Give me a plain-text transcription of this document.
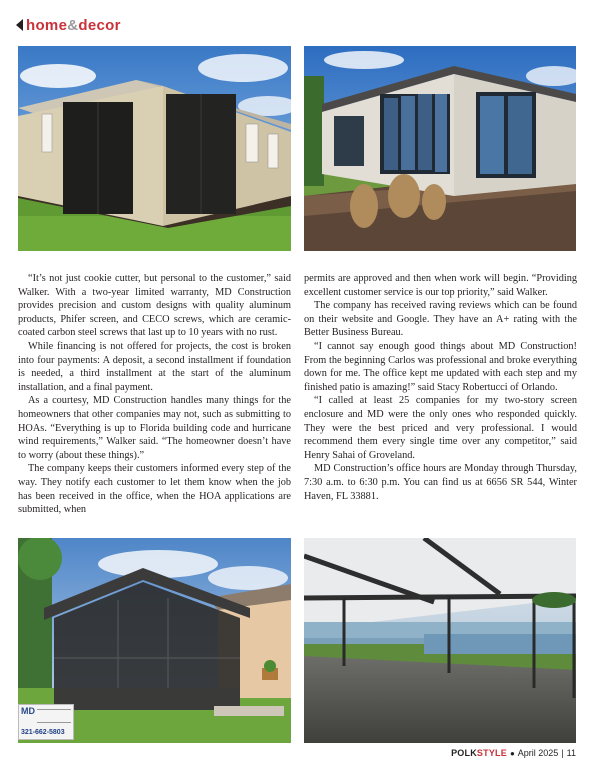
home&decor

“It’s not just cookie cutter, but personal to the customer,” said Walker. With a two-year limited warranty, MD Construction provides precision and custom designs with quality aluminum products, Phifer screen, and CECO screws, which are ceramic-coated carbon steel screws that last up to 10 years with no rust.

While financing is not offered for projects, the cost is broken into four payments: A deposit, a second installment if foundation is needed, a third installment at the start of the aluminum installation, and a final payment.

As a courtesy, MD Construction handles many things for the homeowners that other companies may not, such as submitting to HOAs. “Everything is up to Florida building code and hurricane wind requirements,” Walker said. “The homeowner doesn’t have to worry (about these things).”

The company keeps their customers informed every step of the way. They notify each customer to let them know when the job has been received in the office, when the HOA applications are submitted, when

permits are approved and then when work will begin. “Providing excellent customer service is our top priority,” said Walker.

The company has received raving reviews which can be found on their website and Google. They have an A+ rating with the Better Business Bureau.

“I cannot say enough good things about MD Construction! From the beginning Carlos was professional and broke everything down for me. The office kept me updated with each step and my finished patio is amazing!” said Stacy Robertucci of Orlando.

“I called at least 25 companies for my two-story screen enclosure and MD were the only ones who responded quickly. They were the best priced and very professional. I would recommend them every single time over any competitor,” said Henry Sahai of Groveland.

MD Construction’s office hours are Monday through Thursday, 7:30 a.m. to 6:30 p.m. You can find us at 6656 SR 544, Winter Haven, FL 33881.

MD
321-662-5803
POLK STYLE ● April 2025 | 11
